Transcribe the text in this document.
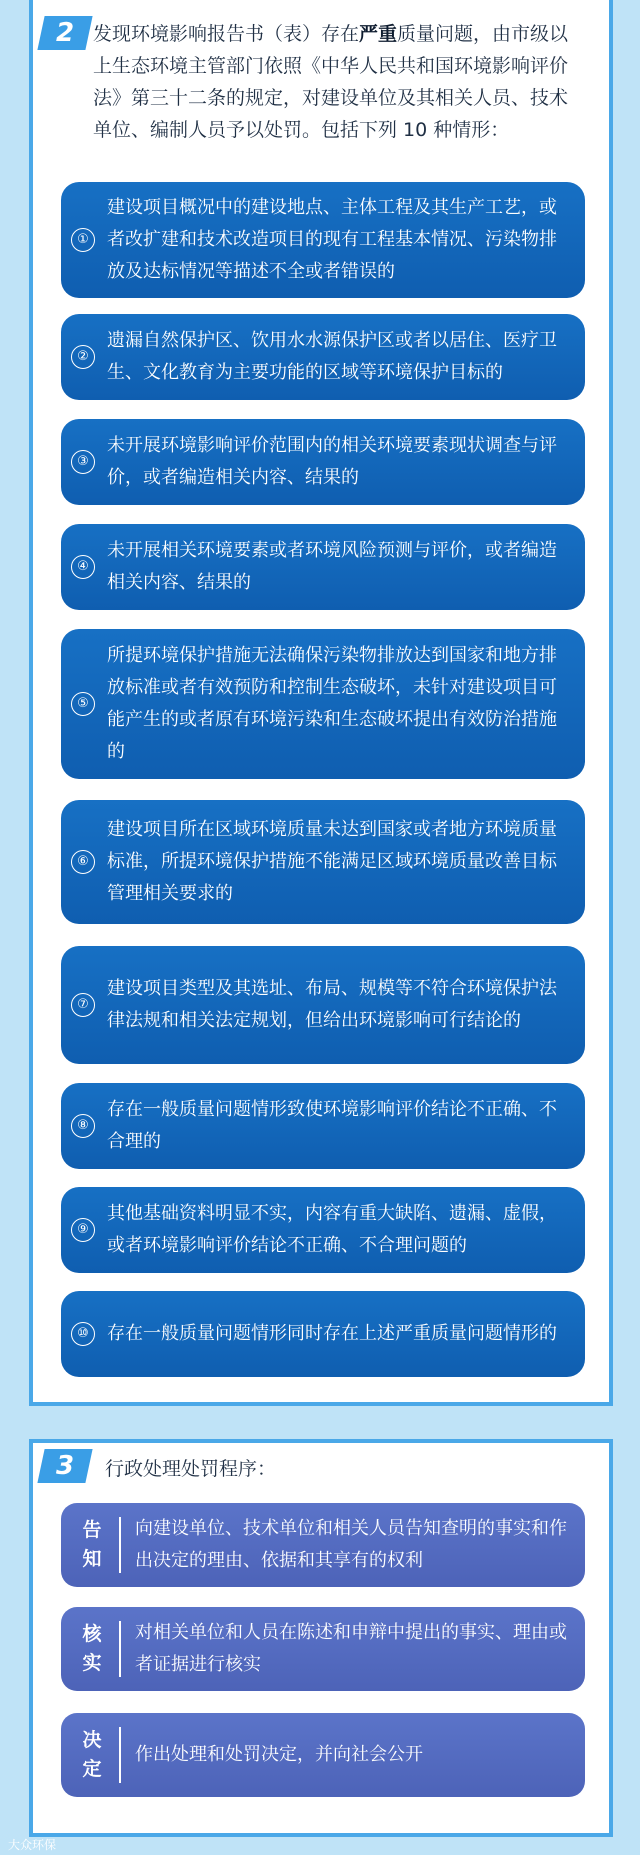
2 发现环境影响报告书（表）存在严重质量问题，由市级以上生态环境主管部门依照《中华人民共和国环境影响评价法》第三十二条的规定，对建设单位及其相关人员、技术单位、编制人员予以处罚。包括下列 10 种情形：
①
建设项目概况中的建设地点、主体工程及其生产工艺，或者改扩建和技术改造项目的现有工程基本情况、污染物排放及达标情况等描述不全或者错误的
②
遗漏自然保护区、饮用水水源保护区或者以居住、医疗卫生、文化教育为主要功能的区域等环境保护目标的
③
未开展环境影响评价范围内的相关环境要素现状调查与评价，或者编造相关内容、结果的
④
未开展相关环境要素或者环境风险预测与评价，或者编造相关内容、结果的
⑤
所提环境保护措施无法确保污染物排放达到国家和地方排放标准或者有效预防和控制生态破坏，未针对建设项目可能产生的或者原有环境污染和生态破坏提出有效防治措施的
⑥
建设项目所在区域环境质量未达到国家或者地方环境质量标准，所提环境保护措施不能满足区域环境质量改善目标管理相关要求的
⑦
建设项目类型及其选址、布局、规模等不符合环境保护法律法规和相关法定规划，但给出环境影响可行结论的
⑧
存在一般质量问题情形致使环境影响评价结论不正确、不合理的
⑨
其他基础资料明显不实，内容有重大缺陷、遗漏、虚假，或者环境影响评价结论不正确、不合理问题的
⑩	存在一般质量问题情形同时存在上述严重质量问题情形的
3	行政处理处罚程序：
告知
向建设单位、技术单位和相关人员告知查明的事实和作出决定的理由、依据和其享有的权利
核实
对相关单位和人员在陈述和申辩中提出的事实、理由或者证据进行核实
决定
作出处理和处罚决定，并向社会公开
大众环保
